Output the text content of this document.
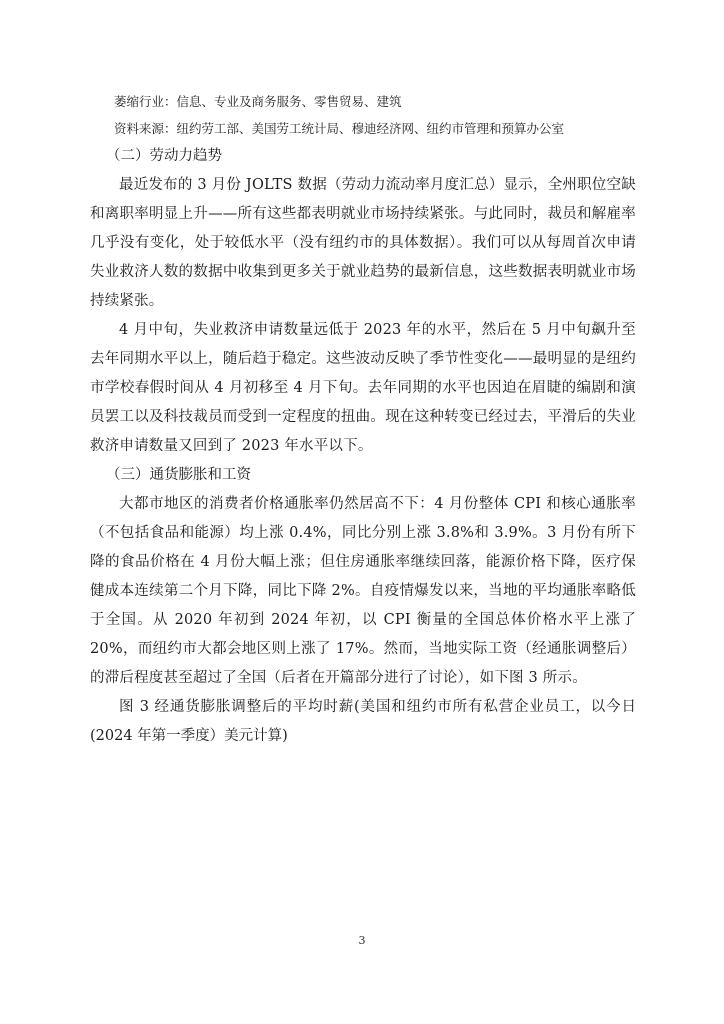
萎缩行业：信息、专业及商务服务、零售贸易、建筑

资料来源：纽约劳工部、美国劳工统计局、穆迪经济网、纽约市管理和预算办公室

（二）劳动力趋势

最近发布的 3 月份 JOLTS 数据（劳动力流动率月度汇总）显示，全州职位空缺和离职率明显上升——所有这些都表明就业市场持续紧张。与此同时，裁员和解雇率几乎没有变化，处于较低水平（没有纽约市的具体数据）。我们可以从每周首次申请失业救济人数的数据中收集到更多关于就业趋势的最新信息，这些数据表明就业市场持续紧张。

4 月中旬，失业救济申请数量远低于 2023 年的水平，然后在 5 月中旬飙升至去年同期水平以上，随后趋于稳定。这些波动反映了季节性变化——最明显的是纽约市学校春假时间从 4 月初移至 4 月下旬。去年同期的水平也因迫在眉睫的编剧和演员罢工以及科技裁员而受到一定程度的扭曲。现在这种转变已经过去，平滑后的失业救济申请数量又回到了 2023 年水平以下。

（三）通货膨胀和工资

大都市地区的消费者价格通胀率仍然居高不下：4 月份整体 CPI 和核心通胀率（不包括食品和能源）均上涨 0.4%，同比分别上涨 3.8%和 3.9%。3 月份有所下降的食品价格在 4 月份大幅上涨；但住房通胀率继续回落，能源价格下降，医疗保健成本连续第二个月下降，同比下降 2%。自疫情爆发以来，当地的平均通胀率略低于全国。从 2020 年初到 2024 年初，以 CPI 衡量的全国总体价格水平上涨了 20%，而纽约市大都会地区则上涨了 17%。然而，当地实际工资（经通胀调整后）的滞后程度甚至超过了全国（后者在开篇部分进行了讨论），如下图 3 所示。

图 3 经通货膨胀调整后的平均时薪(美国和纽约市所有私营企业员工，以今日(2024 年第一季度）美元计算)

3
